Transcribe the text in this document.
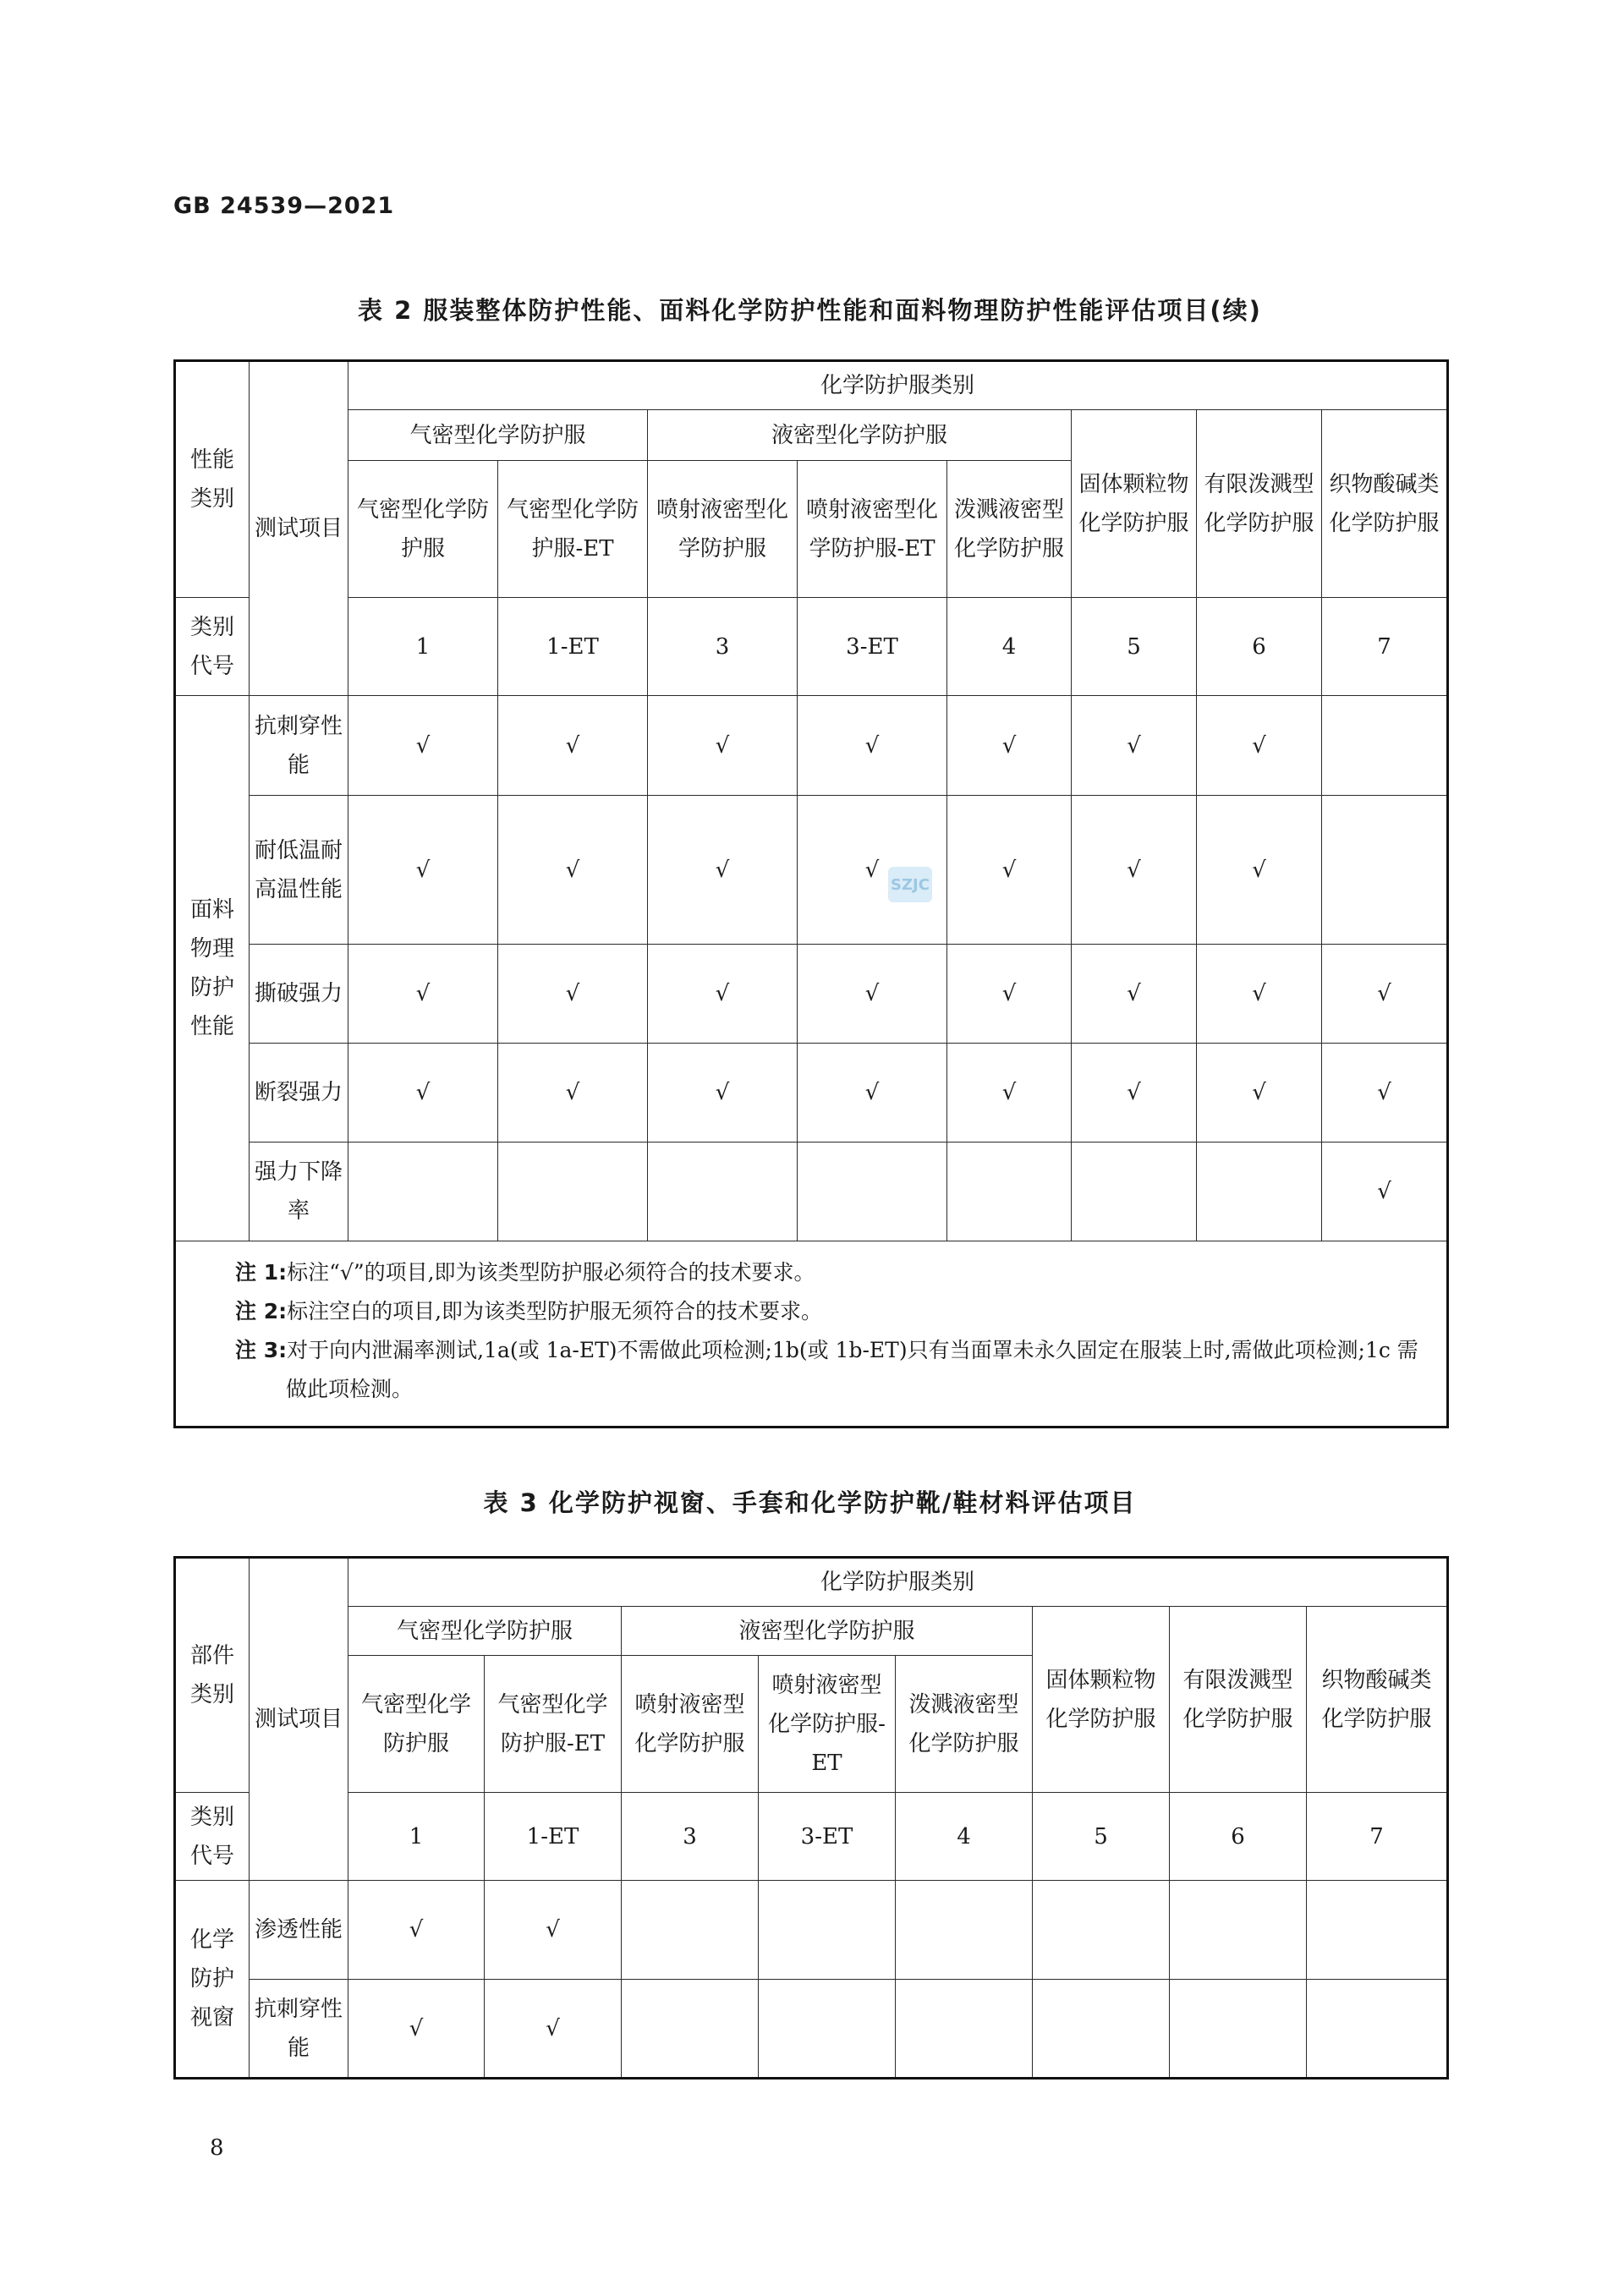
GB 24539—2021
表 2 服装整体防护性能、面料化学防护性能和面料物理防护性能评估项目(续)
性能类别	测试项目	化学防护服类别							
		气密型化学防护服		液密型化学防护服			固体颗粒物化学防护服	有限泼溅型化学防护服	织物酸碱类化学防护服
		气密型化学防护服	气密型化学防护服-ET	喷射液密型化学防护服	喷射液密型化学防护服-ET	泼溅液密型化学防护服			
类别代号		1	1-ET	3	3-ET	4	5	6	7
面料物理防护性能	抗刺穿性能	√	√	√	√	√	√	√	
	耐低温耐高温性能	√	√	√	√	√	√	√	
	撕破强力	√	√	√	√	√	√	√	√
	断裂强力	√	√	√	√	√	√	√	√
	强力下降率								√

注 1:标注“√”的项目,即为该类型防护服必须符合的技术要求。
注 2:标注空白的项目,即为该类型防护服无须符合的技术要求。
注 3:对于向内泄漏率测试,1a(或 1a-ET)不需做此项检测;1b(或 1b-ET)只有当面罩未永久固定在服装上时,需做此项检测;1c 需做此项检测。									
SZJC
表 3 化学防护视窗、手套和化学防护靴/鞋材料评估项目
部件类别	测试项目	化学防护服类别							
		气密型化学防护服		液密型化学防护服			固体颗粒物化学防护服	有限泼溅型化学防护服	织物酸碱类化学防护服
		气密型化学防护服	气密型化学防护服-ET	喷射液密型化学防护服	喷射液密型化学防护服-ET	泼溅液密型化学防护服			
类别代号		1	1-ET	3	3-ET	4	5	6	7
化学防护视窗	渗透性能	√	√						
	抗刺穿性能	√	√						
8
